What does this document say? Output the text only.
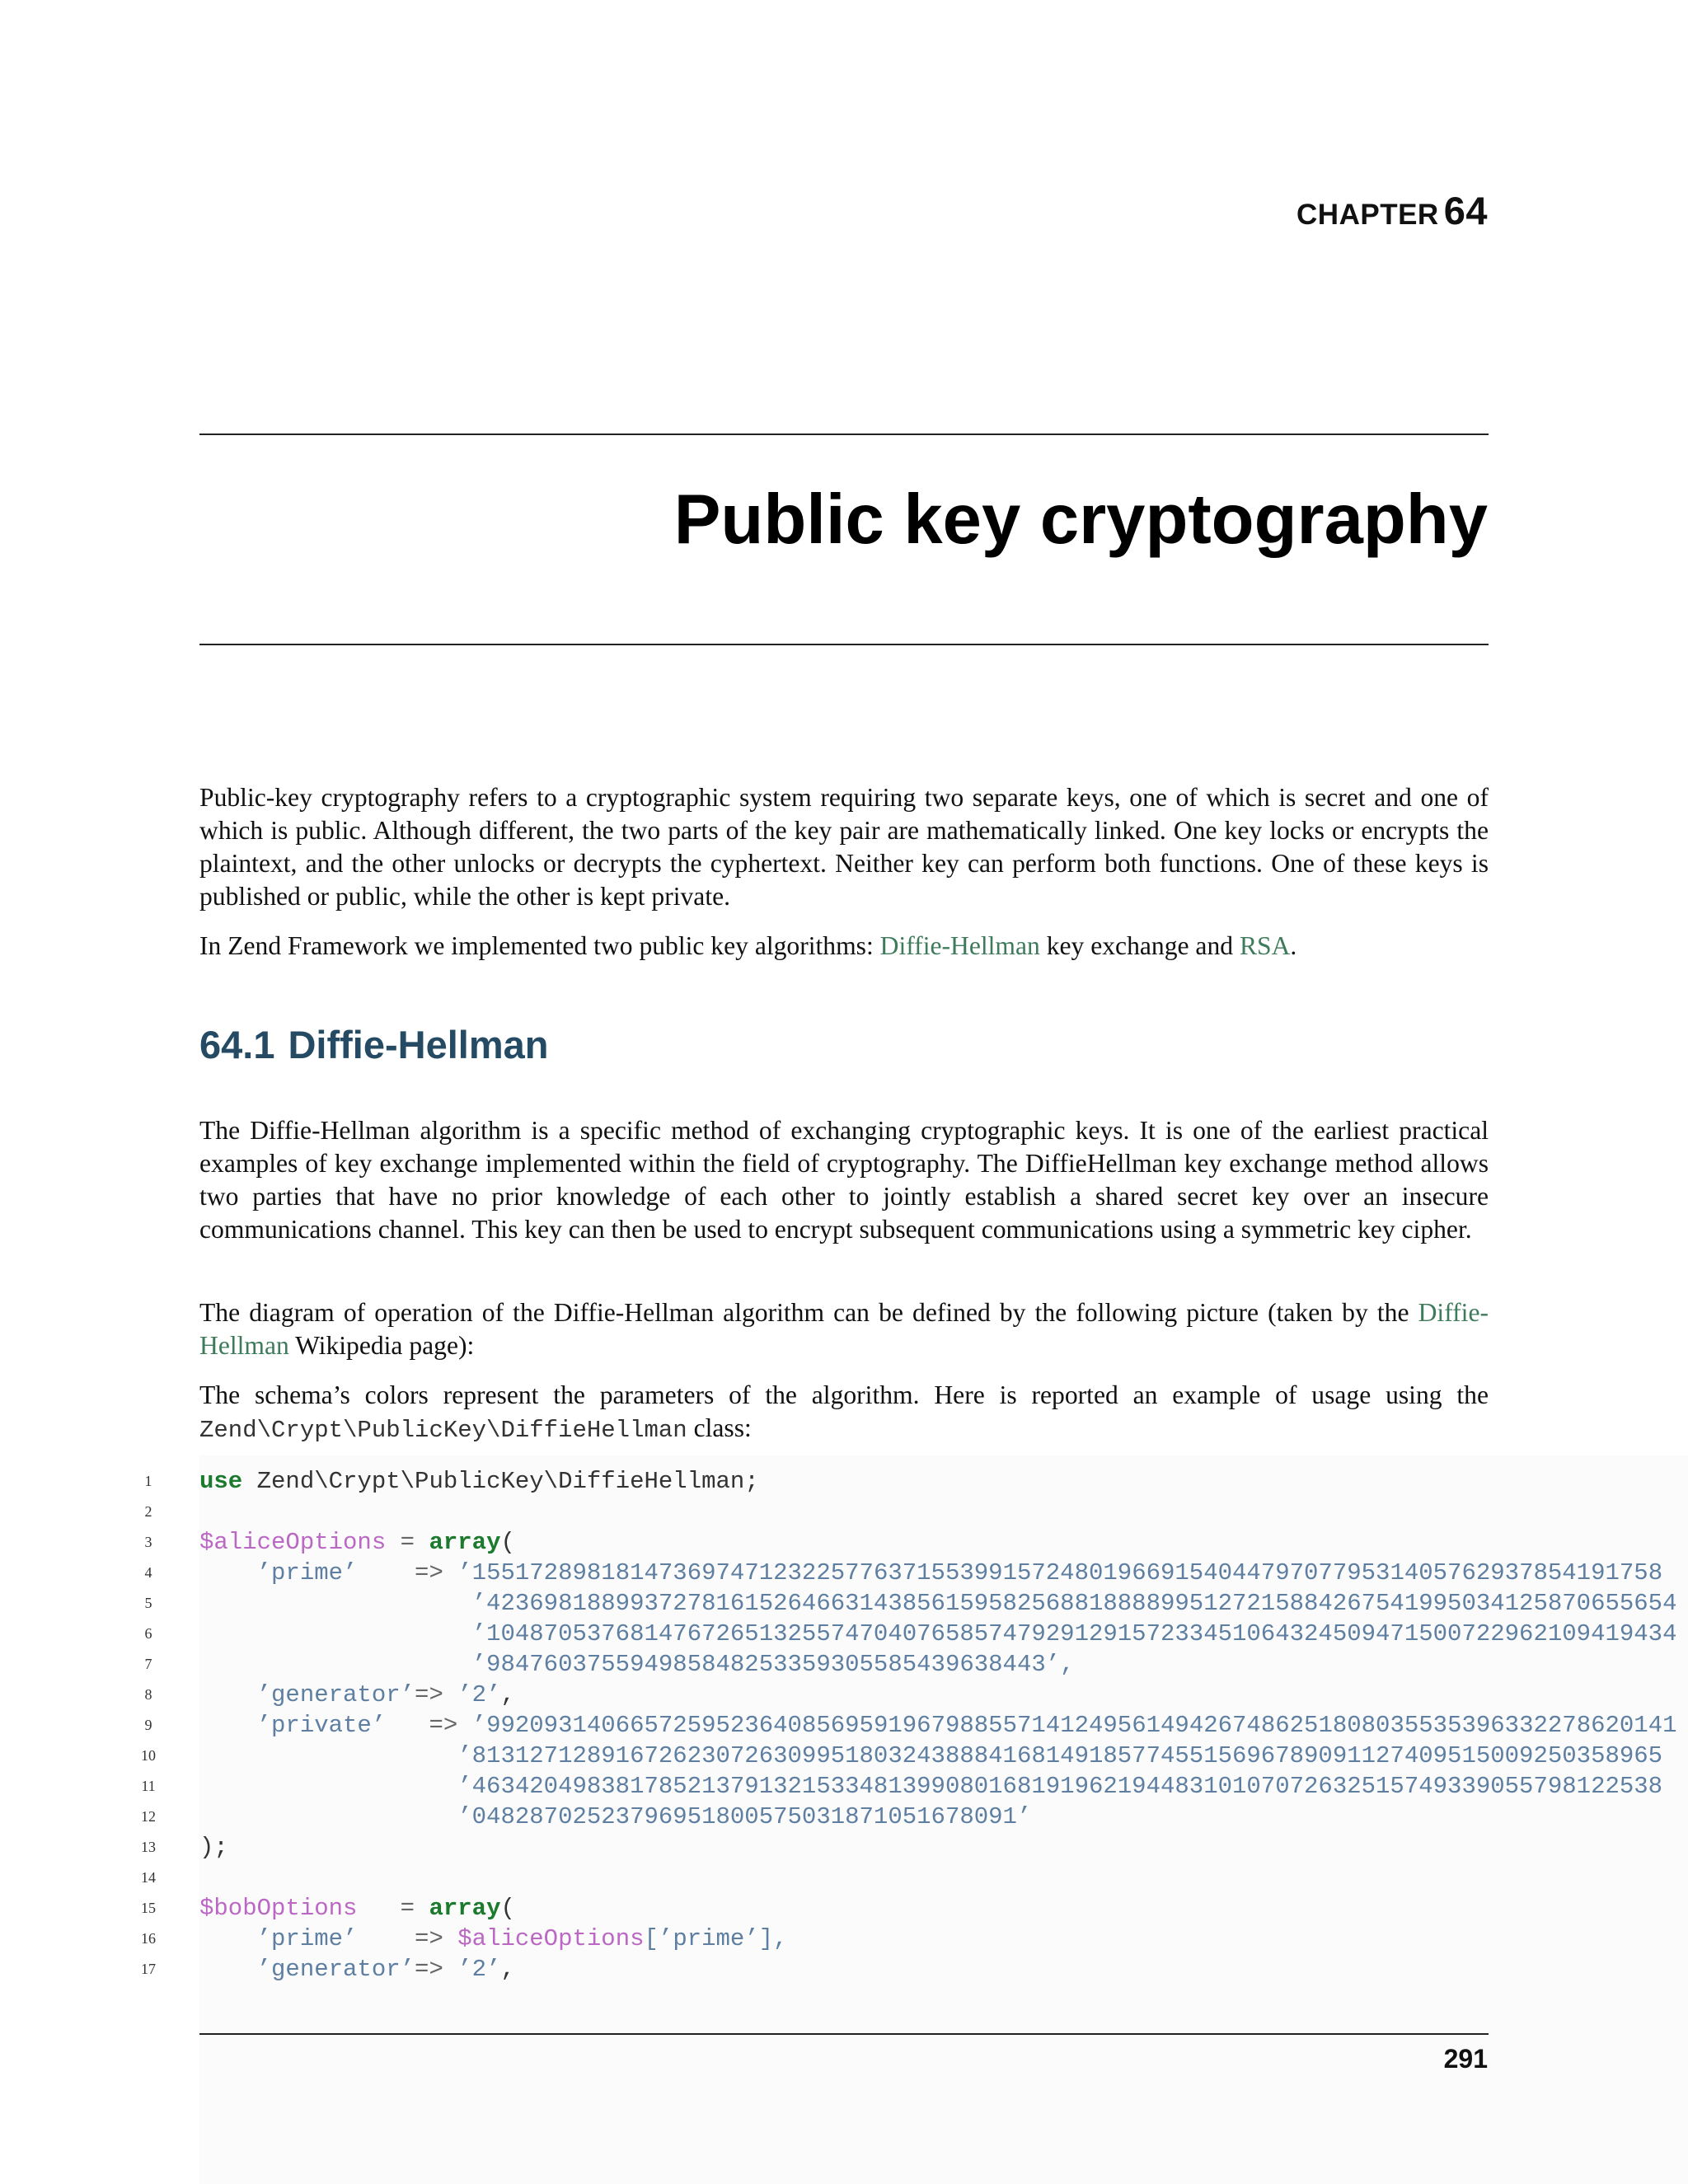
CHAPTER 64
Public key cryptography

Public-key cryptography refers to a cryptographic system requiring two separate keys, one of which is secret and one of which is public. Although different, the two parts of the key pair are mathematically linked. One key locks or encrypts the plaintext, and the other unlocks or decrypts the cyphertext. Neither key can perform both functions. One of these keys is published or public, while the other is kept private.

In Zend Framework we implemented two public key algorithms: Diffie-Hellman key exchange and RSA.

64.1 Diffie-Hellman

The Diffie-Hellman algorithm is a specific method of exchanging cryptographic keys. It is one of the earliest practical examples of key exchange implemented within the field of cryptography. The DiffieHellman key exchange method allows two parties that have no prior knowledge of each other to jointly establish a shared secret key over an insecure communications channel. This key can then be used to encrypt subsequent communications using a symmetric key cipher.

The diagram of operation of the Diffie-Hellman algorithm can be defined by the following picture (taken by the Diffie-Hellman Wikipedia page):

The schema’s colors represent the parameters of the algorithm. Here is reported an example of usage using the Zend\Crypt\PublicKey\DiffieHellman class:

1
2
3
4
5
6
7
8
9
10
11
12
13
14
15
16
17
use Zend\Crypt\PublicKey\DiffieHellman;
$aliceOptions = array(
’prime’    => ’15517289818147369747123225776371553991572480196691540447970779531405762937854191758
’42369818899372781615264663143856159582568818888995127215884267541995034125870655654
’10487053768147672651325574704076585747929129157233451064324509471500722962109419434
’984760375594985848253359305585439638443’,
’generator’=> ’2’,
’private’   => ’99209314066572595236408569591967988557141249561494267486251808035535396332278620141
’81312712891672623072630995180324388841681491857745515696789091127409515009250358965
’46342049838178521379132153348139908016819196219448310107072632515749339055798122538
’04828702523796951800575031871051678091’
);
$bobOptions   = array(
’prime’    => $aliceOptions[’prime’],
’generator’=> ’2’,
291
